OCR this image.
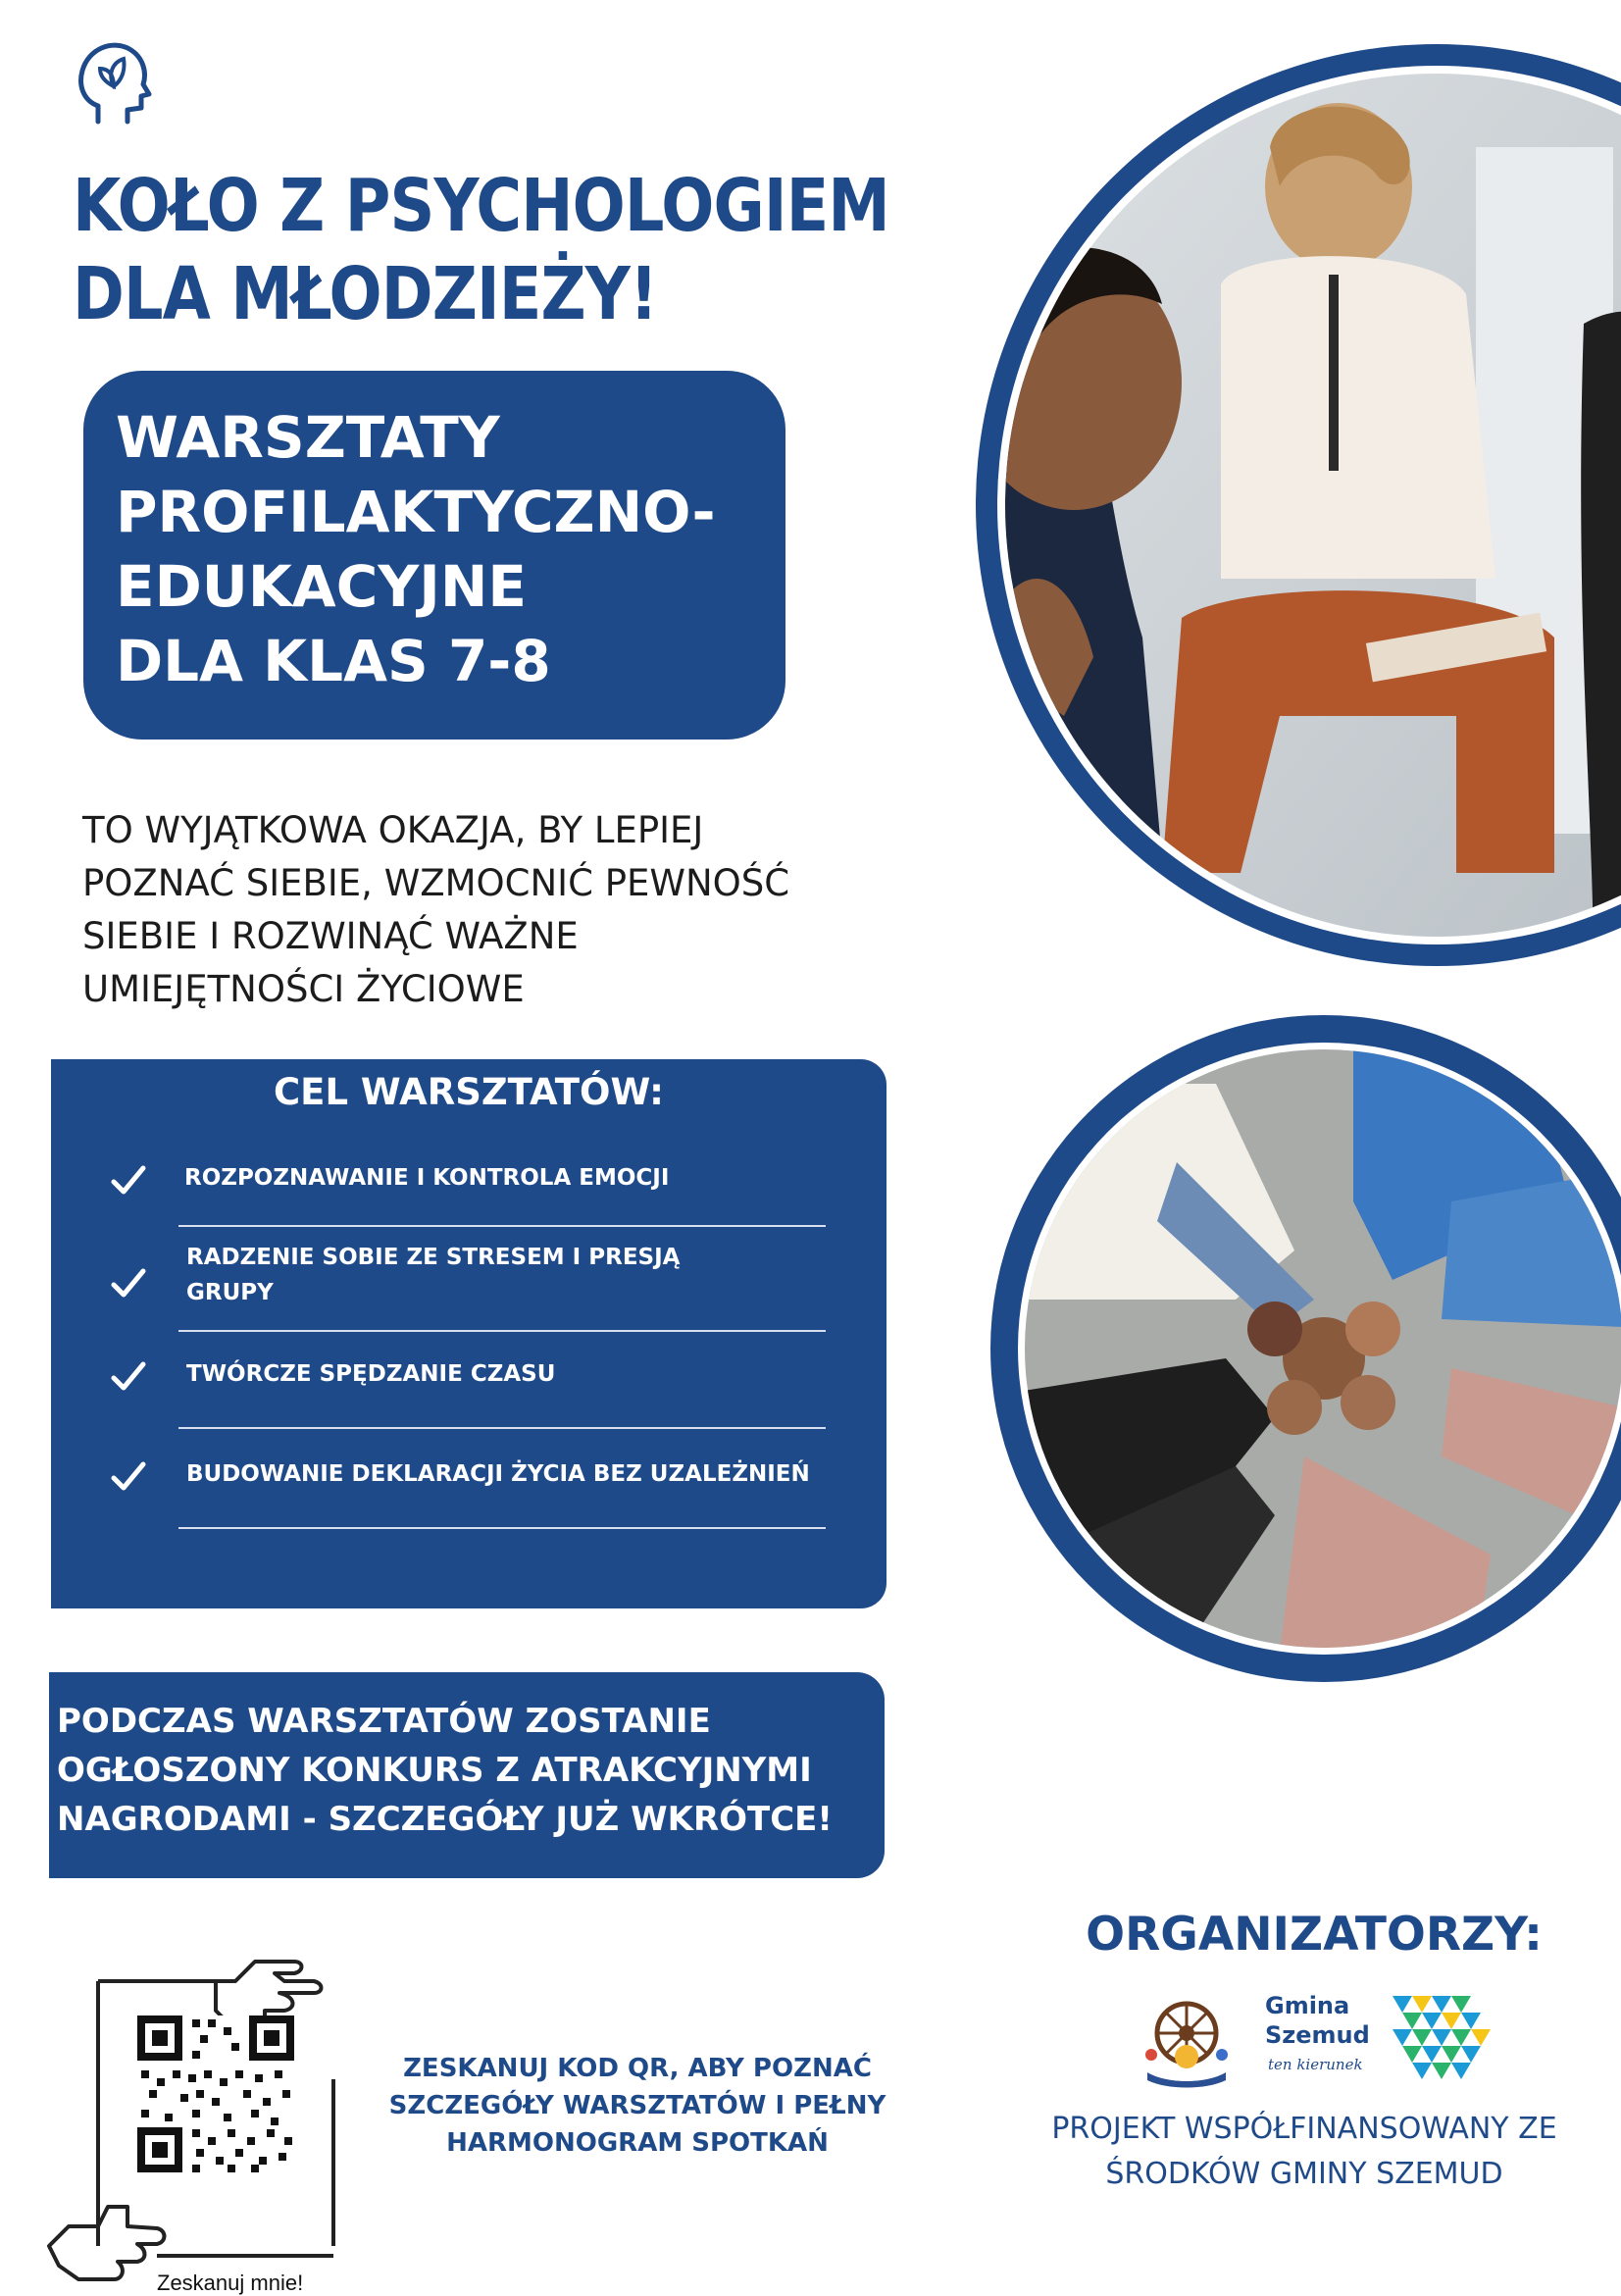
KOŁO Z PSYCHOLOGIEM
DLA MŁODZIEŻY!
WARSZTATY
PROFILAKTYCZNO-
EDUKACYJNE
DLA KLAS 7-8
TO WYJĄTKOWA OKAZJA, BY LEPIEJ
POZNAĆ SIEBIE, WZMOCNIĆ PEWNOŚĆ
SIEBIE I ROZWINĄĆ WAŻNE
UMIEJĘTNOŚCI ŻYCIOWE
CEL WARSZTATÓW:
ROZPOZNAWANIE I KONTROLA EMOCJI
RADZENIE SOBIE ZE STRESEM I PRESJĄ
GRUPY
TWÓRCZE SPĘDZANIE CZASU
BUDOWANIE DEKLARACJI ŻYCIA BEZ UZALEŻNIEŃ
PODCZAS WARSZTATÓW ZOSTANIE
OGŁOSZONY KONKURS Z ATRAKCYJNYMI
NAGRODAMI - SZCZEGÓŁY JUŻ WKRÓTCE!
ZESKANUJ KOD QR, ABY POZNAĆ
SZCZEGÓŁY WARSZTATÓW I PEŁNY
HARMONOGRAM SPOTKAŃ
Zeskanuj mnie!
ORGANIZATORZY:
Gmina
Szemud
ten kierunek
PROJEKT WSPÓŁFINANSOWANY ZE
ŚRODKÓW GMINY SZEMUD
